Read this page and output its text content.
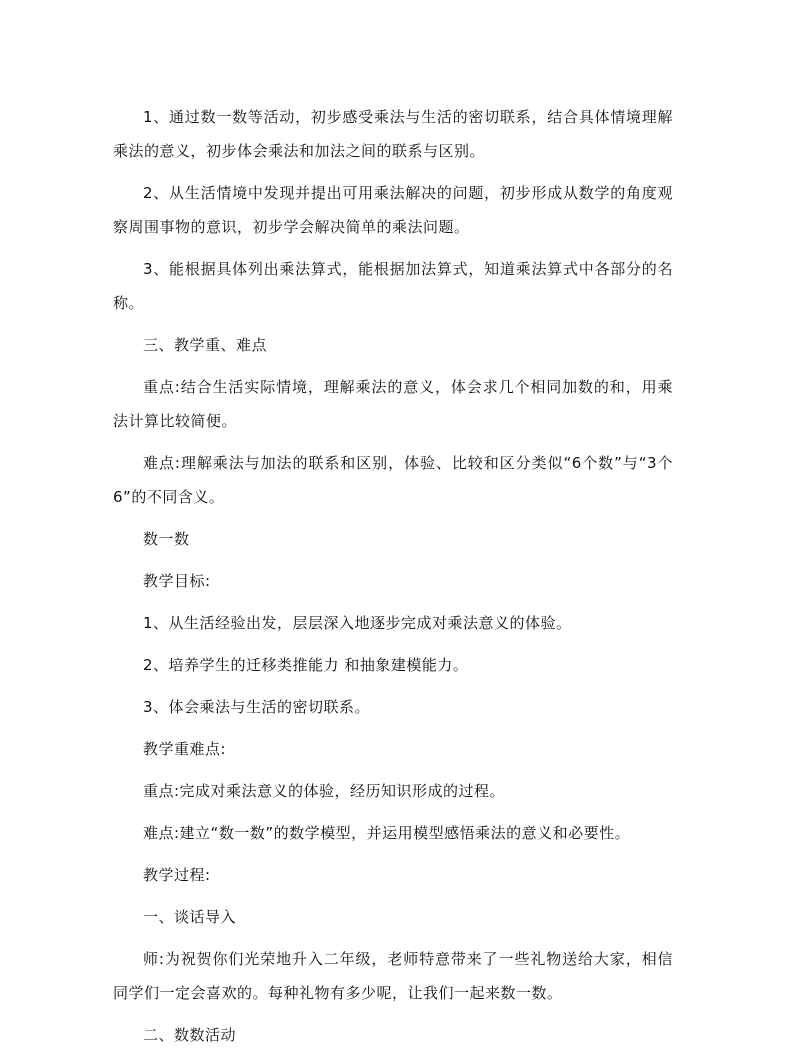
1、通过数一数等活动，初步感受乘法与生活的密切联系，结合具体情境理解乘法的意义，初步体会乘法和加法之间的联系与区别。

2、从生活情境中发现并提出可用乘法解决的问题，初步形成从数学的角度观察周围事物的意识，初步学会解决简单的乘法问题。

3、能根据具体列出乘法算式，能根据加法算式，知道乘法算式中各部分的名称。

三、教学重、难点

重点:结合生活实际情境，理解乘法的意义，体会求几个相同加数的和，用乘法计算比较简便。

难点:理解乘法与加法的联系和区别，体验、比较和区分类似“6个数”与“3个6”的不同含义。

数一数

教学目标:

1、从生活经验出发，层层深入地逐步完成对乘法意义的体验。

2、培养学生的迁移类推能力 和抽象建模能力。

3、体会乘法与生活的密切联系。

教学重难点:

重点:完成对乘法意义的体验，经历知识形成的过程。

难点:建立“数一数”的数学模型，并运用模型感悟乘法的意义和必要性。

教学过程:

一、谈话导入

师:为祝贺你们光荣地升入二年级，老师特意带来了一些礼物送给大家，相信同学们一定会喜欢的。每种礼物有多少呢，让我们一起来数一数。

二、数数活动
